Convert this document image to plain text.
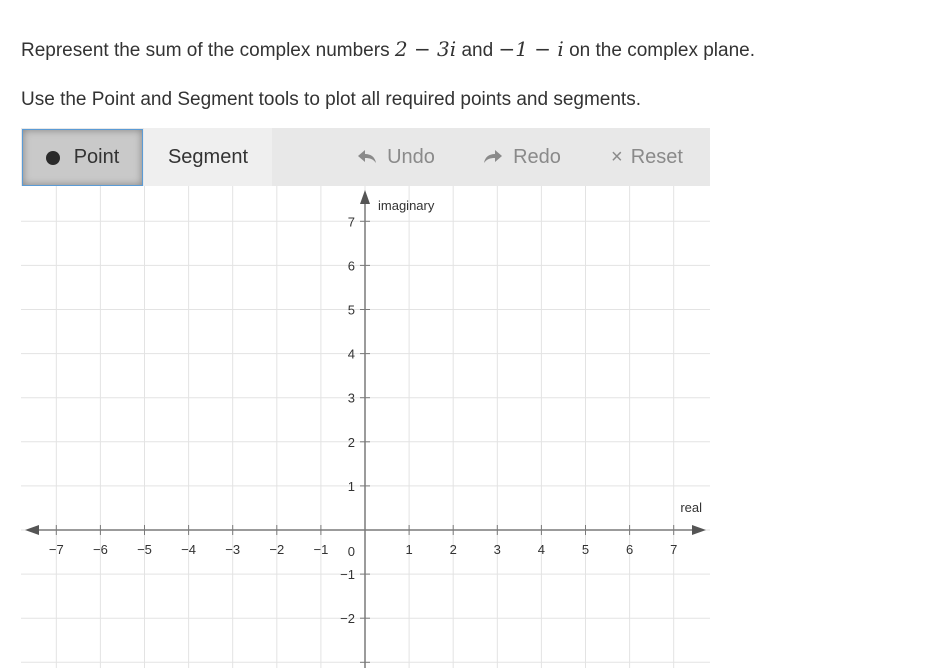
Represent the sum of the complex numbers 2 − 3i and −1 − i on the complex plane.
Use the Point and Segment tools to plot all required points and segments.
Point Segment	Undo	Redo	× Reset
−7 −6 −5 −4 −3 −2 −1	1	2	3	4	5	6	7
7
6
5
4
3
2
1
−1
−2
0
real
imaginary
